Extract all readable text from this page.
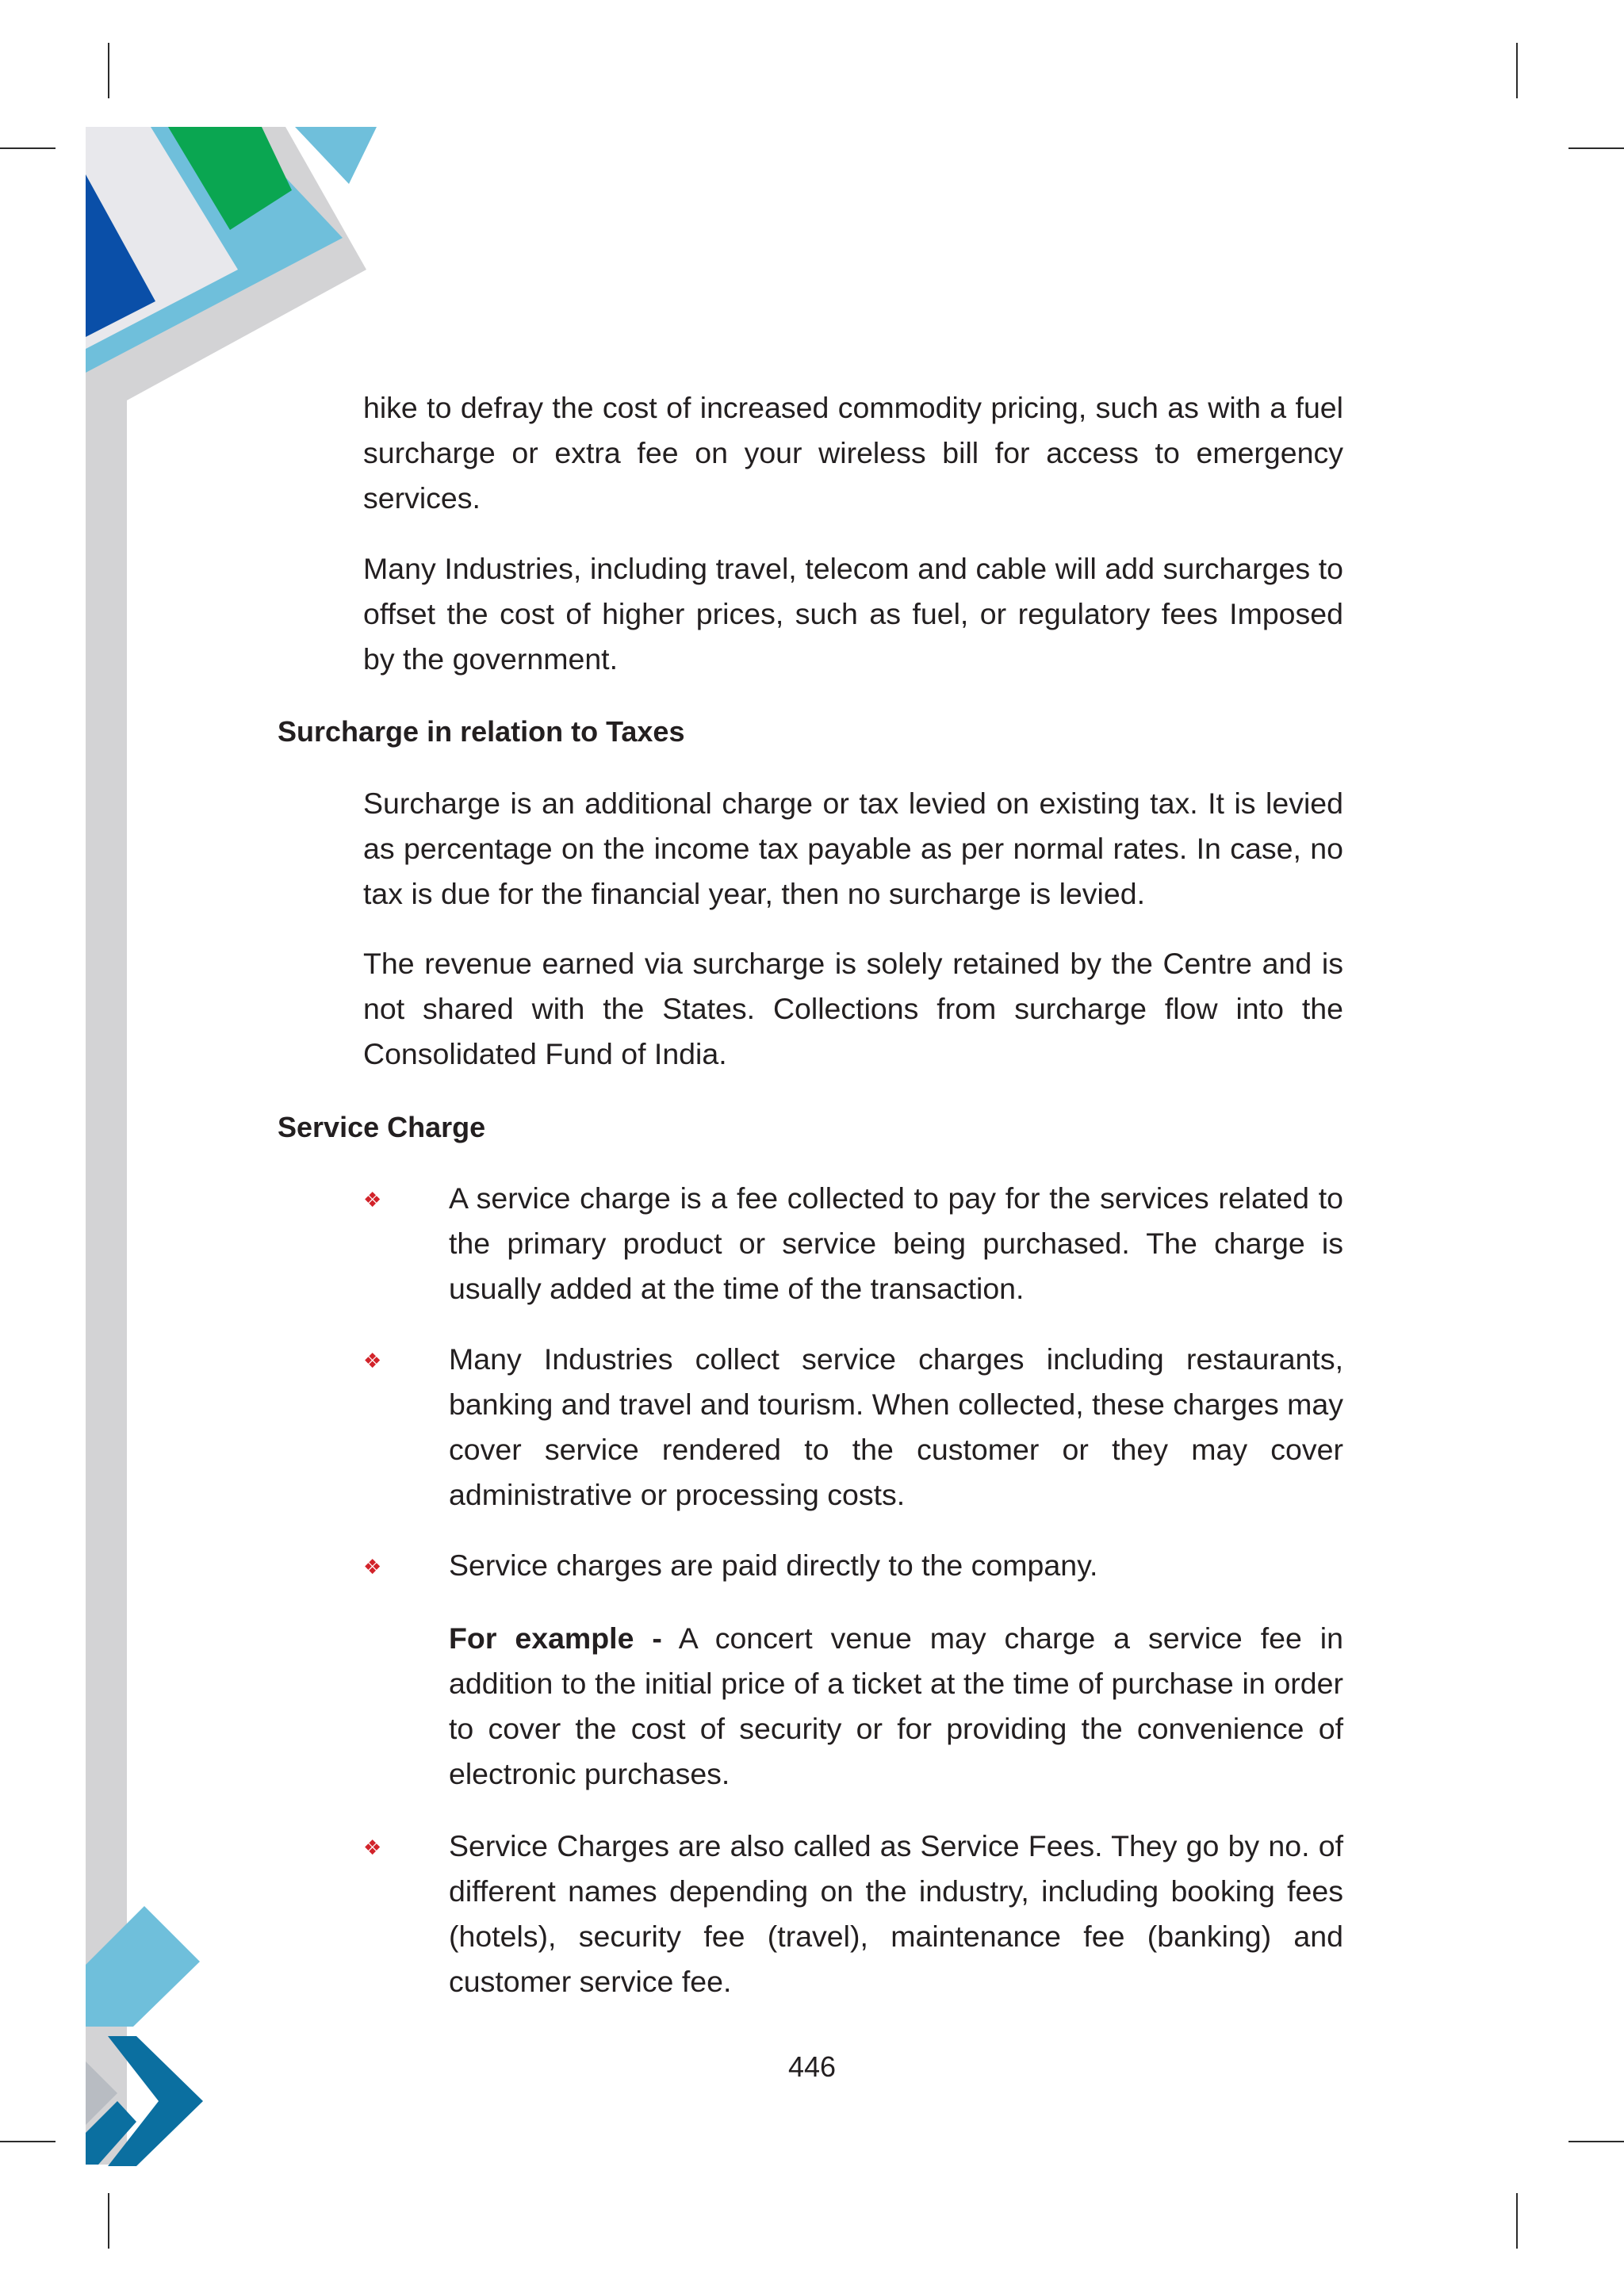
hike to defray the cost of increased commodity pricing, such as with a fuel surcharge or extra fee on your wireless bill for access to emergency services.

Many Industries, including travel, telecom and cable will add surcharges to offset the cost of higher prices, such as fuel, or regulatory fees Imposed by the government.

Surcharge in relation to Taxes

Surcharge is an additional charge or tax levied on existing tax. It is levied as percentage on the income tax payable as per normal rates. In case, no tax is due for the financial year, then no surcharge is levied.

The revenue earned via surcharge is solely retained by the Centre and is not shared with the States. Collections from surcharge flow into the Consolidated Fund of India.

Service Charge
❖ A service charge is a fee collected to pay for the services related to the primary product or service being purchased. The charge is usually added at the time of the transaction.

❖ Many Industries collect service charges including restaurants, banking and travel and tourism. When collected, these charges may cover service rendered to the customer or they may cover administrative or processing costs.

❖ Service charges are paid directly to the company.

For example - A concert venue may charge a service fee in addition to the initial price of a ticket at the time of purchase in order to cover the cost of security or for providing the convenience of electronic purchases.

❖ Service Charges are also called as Service Fees. They go by no. of different names depending on the industry, including booking fees (hotels), security fee (travel), maintenance fee (banking) and customer service fee.

446
